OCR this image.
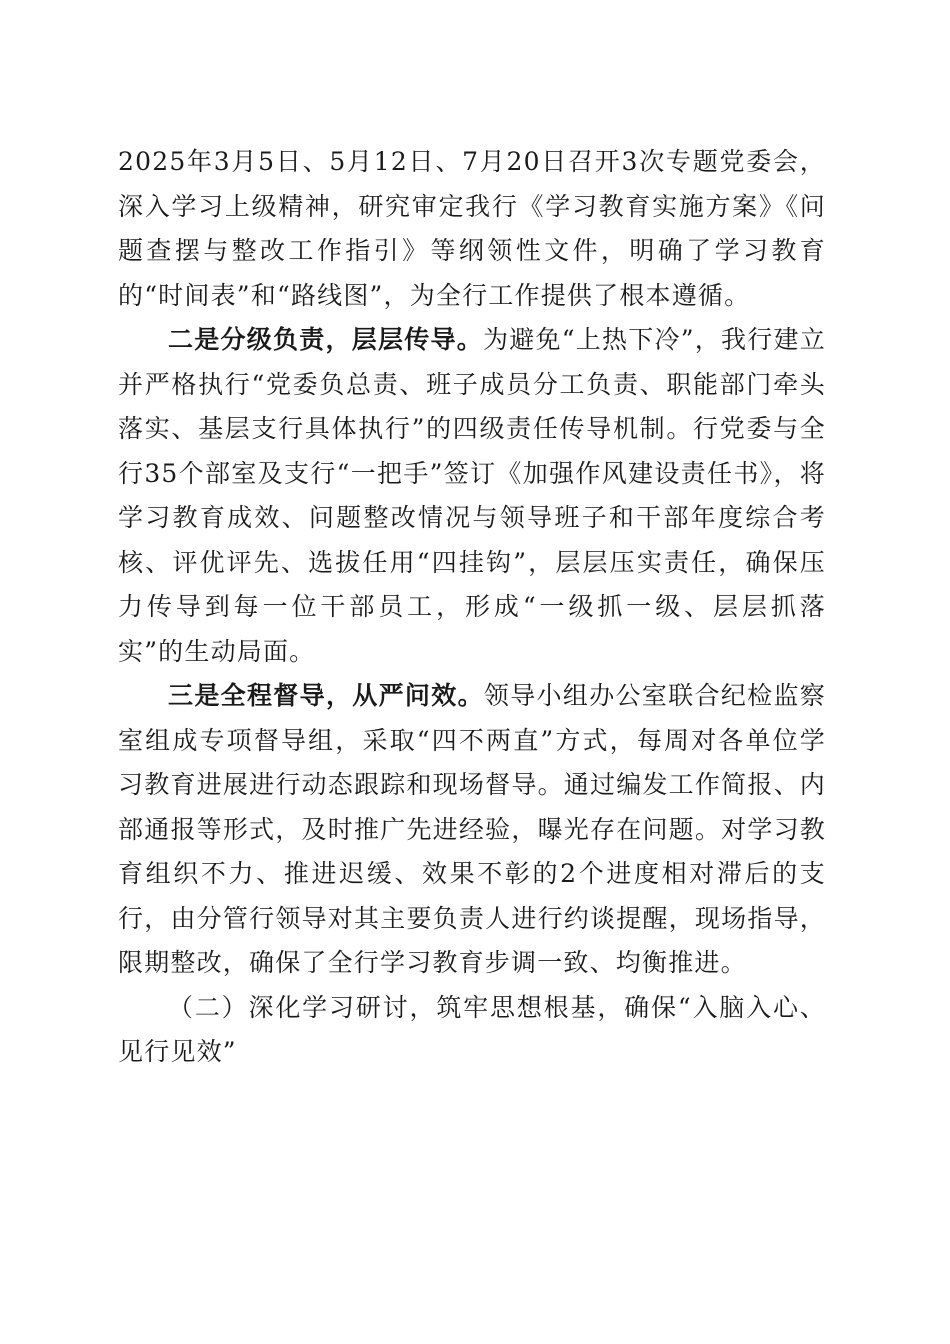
2025年3月5日、5月12日、7月20日召开3次专题党委会，深入学习上级精神，研究审定我行《学习教育实施方案》《问题查摆与整改工作指引》等纲领性文件，明确了学习教育的“时间表”和“路线图”，为全行工作提供了根本遵循。

二是分级负责，层层传导。为避免“上热下冷”，我行建立并严格执行“党委负总责、班子成员分工负责、职能部门牵头落实、基层支行具体执行”的四级责任传导机制。行党委与全行35个部室及支行“一把手”签订《加强作风建设责任书》，将学习教育成效、问题整改情况与领导班子和干部年度综合考核、评优评先、选拔任用“四挂钩”，层层压实责任，确保压力传导到每一位干部员工，形成“一级抓一级、层层抓落实”的生动局面。

三是全程督导，从严问效。领导小组办公室联合纪检监察室组成专项督导组，采取“四不两直”方式，每周对各单位学习教育进展进行动态跟踪和现场督导。通过编发工作简报、内部通报等形式，及时推广先进经验，曝光存在问题。对学习教育组织不力、推进迟缓、效果不彰的2个进度相对滞后的支行，由分管行领导对其主要负责人进行约谈提醒，现场指导，限期整改，确保了全行学习教育步调一致、均衡推进。

（二）深化学习研讨，筑牢思想根基，确保“入脑入心、见行见效”
